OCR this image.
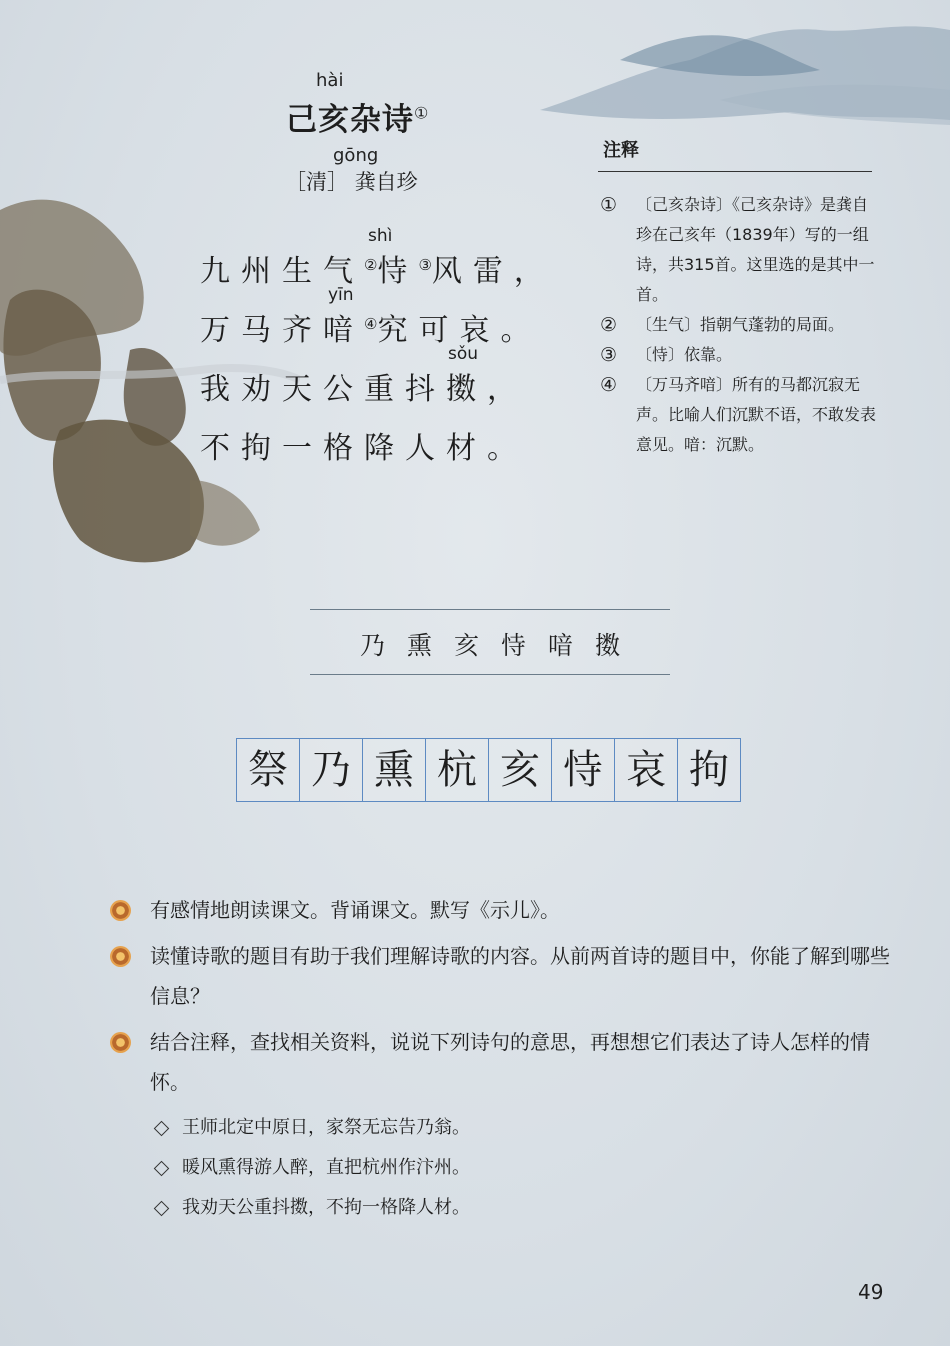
hài
己亥杂诗①
gōng
［清］ 龚自珍
shì
九州生气②恃③风雷，
yīn
万马齐喑④究可哀。
sǒu
我劝天公重抖擞，
不拘一格降人材。
注释
① 〔己亥杂诗〕《己亥杂诗》是龚自珍在己亥年（1839年）写的一组诗，共315首。这里选的是其中一首。
② 〔生气〕指朝气蓬勃的局面。
③ 〔恃〕依靠。
④ 〔万马齐喑〕所有的马都沉寂无声。比喻人们沉默不语，不敢发表意见。喑：沉默。
乃熏亥恃喑擞
祭 乃 熏 杭 亥 恃 哀 拘
有感情地朗读课文。背诵课文。默写《示儿》。
读懂诗歌的题目有助于我们理解诗歌的内容。从前两首诗的题目中，你能了解到哪些信息？
结合注释，查找相关资料，说说下列诗句的意思，再想想它们表达了诗人怎样的情怀。
王师北定中原日，家祭无忘告乃翁。
暖风熏得游人醉，直把杭州作汴州。
我劝天公重抖擞，不拘一格降人材。
49
